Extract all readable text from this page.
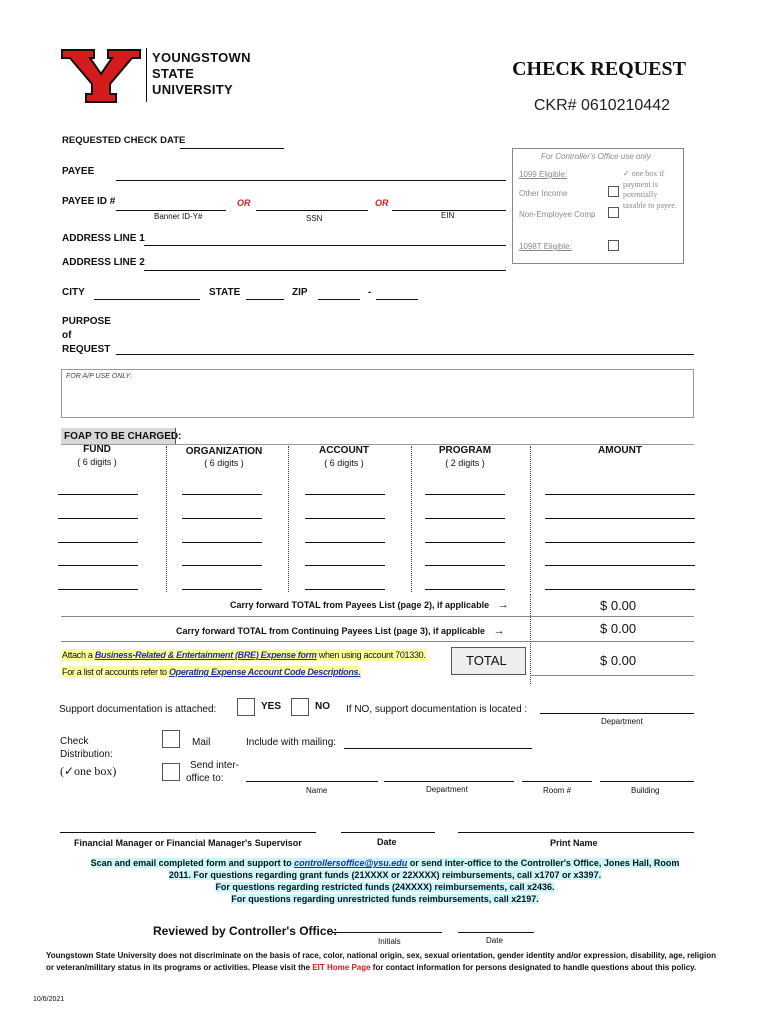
YOUNGSTOWN
STATE
UNIVERSITY
CHECK REQUEST
CKR# 0610210442
REQUESTED CHECK DATE
PAYEE
PAYEE ID #	OR	OR
Banner ID-Y#	SSN	EIN
ADDRESS LINE 1
ADDRESS LINE 2
CITY	STATE	ZIP	-
PURPOSE
of
REQUEST
For Controller's Office use only
1099 Eligible:
Other Income
Non-Employee Comp
✓ one box if payment is potentially taxable to payee.
1098T Eligible:
FOR A/P USE ONLY:
FOAP TO BE CHARGED:
FUND
( 6 digits )
ORGANIZATION
( 6 digits )
ACCOUNT
( 6 digits )
PROGRAM
( 2 digits )
AMOUNT
Carry forward TOTAL from Payees List (page 2), if applicable →	$ 0.00
Carry forward TOTAL from Continuing Payees List (page 3), if applicable →	$ 0.00
Attach a Business-Related & Entertainment (BRE) Expense form when using account 701330.
For a list of accounts refer to Operating Expense Account Code Descriptions.
TOTAL	$ 0.00
Support documentation is attached:	YES	NO If NO, support documentation is located :
Department
Check
Distribution:
(✓one box)
Mail	Include with mailing:
Send inter-
office to:
Name	Department	Room #	Building
Financial Manager or Financial Manager's Supervisor	Date	Print Name
Scan and email completed form and support to controllersoffice@ysu.edu or send inter-office to the Controller's Office, Jones Hall, Room
2011. For questions regarding grant funds (21XXXX or 22XXXX) reimbursements, call x1707 or x3397.
For questions regarding restricted funds (24XXXX) reimbursements, call x2436.
For questions regarding unrestricted funds reimbursements, call x2197.
Reviewed by Controller's Office:
Initials	Date
Youngstown State University does not discriminate on the basis of race, color, national origin, sex, sexual orientation, gender identity and/or expression, disability, age, religion or veteran/military status in its programs or activities. Please visit the EIT Home Page for contact information for persons designated to handle questions about this policy.
10/6/2021
